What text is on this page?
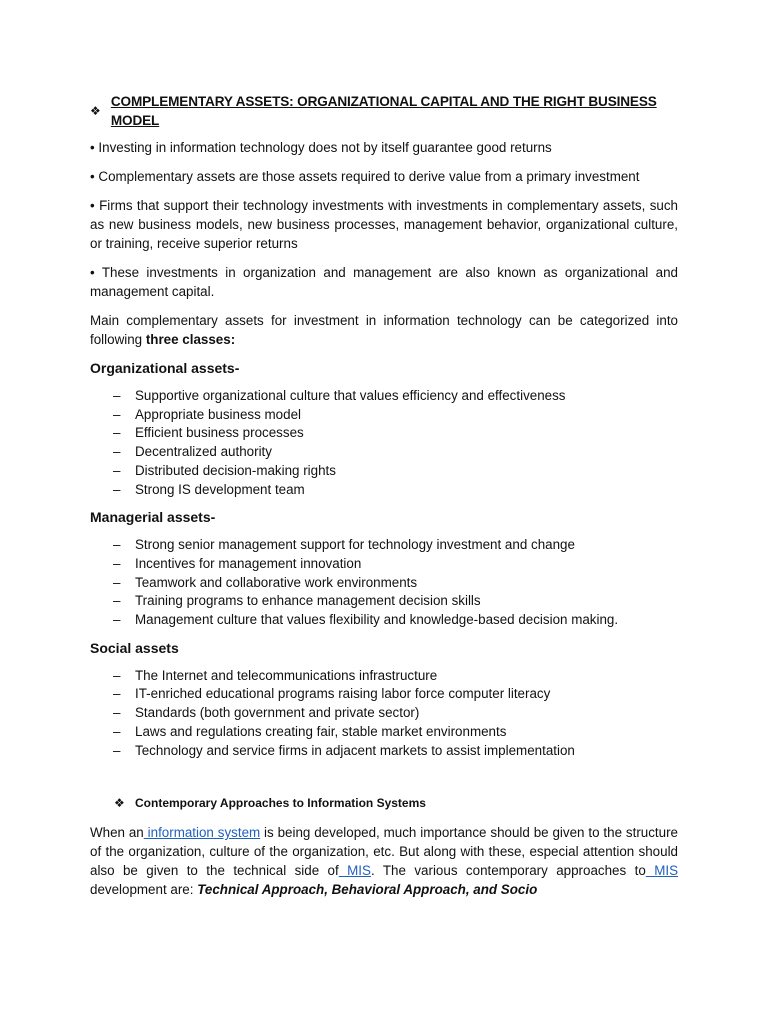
❖
COMPLEMENTARY ASSETS: ORGANIZATIONAL CAPITAL AND THE RIGHT BUSINESS MODEL

• Investing in information technology does not by itself guarantee good returns

• Complementary assets are those assets required to derive value from a primary investment

• Firms that support their technology investments with investments in complementary assets, such as new business models, new business processes, management behavior, organizational culture, or training, receive superior returns

• These investments in organization and management are also known as organizational and management capital.

Main complementary assets for investment in information technology can be categorized into following three classes:

Organizational assets-
– Supportive organizational culture that values efficiency and effectiveness
– Appropriate business model
– Efficient business processes
– Decentralized authority
– Distributed decision-making rights
– Strong IS development team
Managerial assets-
– Strong senior management support for technology investment and change
– Incentives for management innovation
– Teamwork and collaborative work environments
– Training programs to enhance management decision skills
– Management culture that values flexibility and knowledge-based decision making.
Social assets
– The Internet and telecommunications infrastructure
– IT-enriched educational programs raising labor force computer literacy
– Standards (both government and private sector)
– Laws and regulations creating fair, stable market environments
– Technology and service firms in adjacent markets to assist implementation
❖ Contemporary Approaches to Information Systems

When an information system is being developed, much importance should be given to the structure of the organization, culture of the organization, etc. But along with these, especial attention should also be given to the technical side of MIS. The various contemporary approaches to MIS development are: Technical Approach, Behavioral Approach, and Socio
